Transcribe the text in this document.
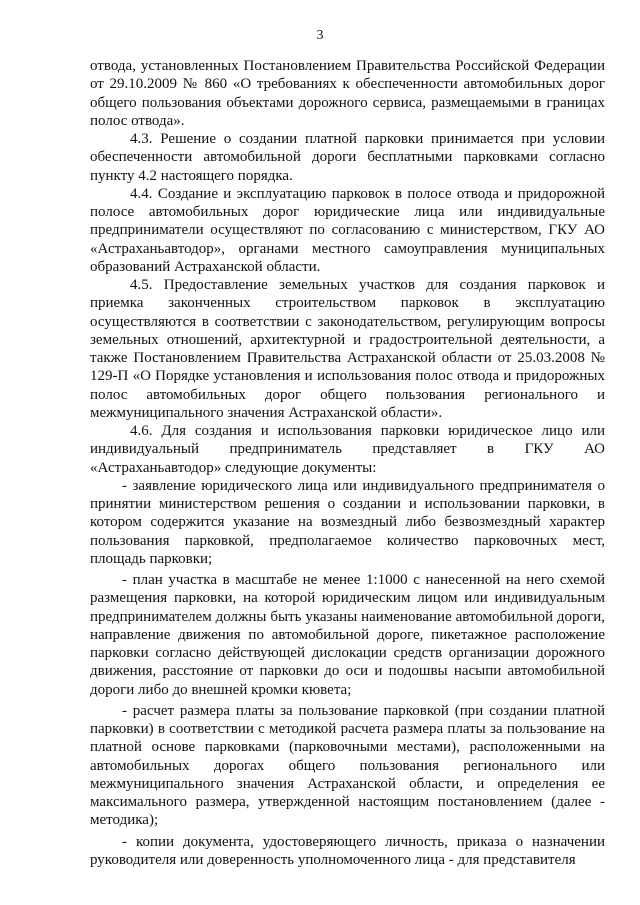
3

отвода, установленных Постановлением Правительства Российской Федерации от 29.10.2009 № 860 «О требованиях к обеспеченности автомобильных дорог общего пользования объектами дорожного сервиса, размещаемыми в границах полос отвода».

4.3. Решение о создании платной парковки принимается при условии обеспеченности автомобильной дороги бесплатными парковками согласно пункту 4.2 настоящего порядка.

4.4. Создание и эксплуатацию парковок в полосе отвода и придорожной полосе автомобильных дорог юридические лица или индивидуальные предприниматели осуществляют по согласованию с министерством, ГКУ АО «Астраханьавтодор», органами местного самоуправления муниципальных образований Астраханской области.

4.5. Предоставление земельных участков для создания парковок и приемка законченных строительством парковок в эксплуатацию осуществляются в соответствии с законодательством, регулирующим вопросы земельных отношений, архитектурной и градостроительной деятельности, а также Постановлением Правительства Астраханской области от 25.03.2008 № 129-П «О Порядке установления и использования полос отвода и придорожных полос автомобильных дорог общего пользования регионального и межмуниципального значения Астраханской области».

4.6. Для создания и использования парковки юридическое лицо или индивидуальный предприниматель представляет в ГКУ АО «Астраханьавтодор» следующие документы:

- заявление юридического лица или индивидуального предпринимателя о принятии министерством решения о создании и использовании парковки, в котором содержится указание на возмездный либо безвозмездный характер пользования парковкой, предполагаемое количество парковочных мест, площадь парковки;

- план участка в масштабе не менее 1:1000 с нанесенной на него схемой размещения парковки, на которой юридическим лицом или индивидуальным предпринимателем должны быть указаны наименование автомобильной дороги, направление движения по автомобильной дороге, пикетажное расположение парковки согласно действующей дислокации средств организации дорожного движения, расстояние от парковки до оси и подошвы насыпи автомобильной дороги либо до внешней кромки кювета;

- расчет размера платы за пользование парковкой (при создании платной парковки) в соответствии с методикой расчета размера платы за пользование на платной основе парковками (парковочными местами), расположенными на автомобильных дорогах общего пользования регионального или межмуниципального значения Астраханской области, и определения ее максимального размера, утвержденной настоящим постановлением (далее - методика);

- копии документа, удостоверяющего личность, приказа о назначении руководителя или доверенность уполномоченного лица - для представителя
